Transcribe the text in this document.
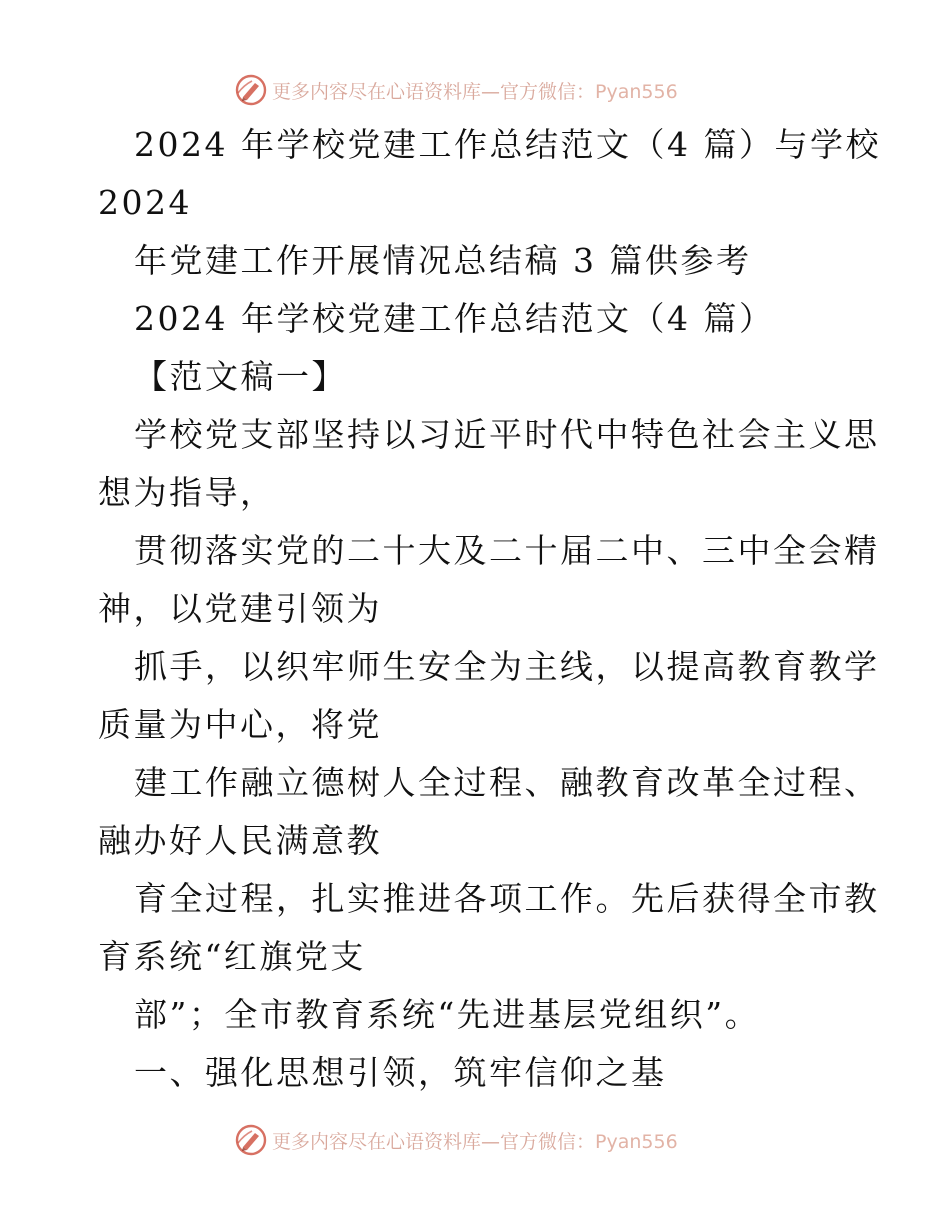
更多内容尽在心语资料库—官方微信：Pyan556
2024 年学校党建工作总结范文（4 篇）与学校
2024
年党建工作开展情况总结稿 3 篇供参考
2024 年学校党建工作总结范文（4 篇）
【范文稿一】
学校党支部坚持以习近平时代中特色社会主义思
想为指导，
贯彻落实党的二十大及二十届二中、三中全会精
神，以党建引领为
抓手，以织牢师生安全为主线，以提高教育教学
质量为中心，将党
建工作融立德树人全过程、融教育改革全过程、
融办好人民满意教
育全过程，扎实推进各项工作。先后获得全市教
育系统“红旗党支
部”；全市教育系统“先进基层党组织”。
一、强化思想引领，筑牢信仰之基
更多内容尽在心语资料库—官方微信：Pyan556
